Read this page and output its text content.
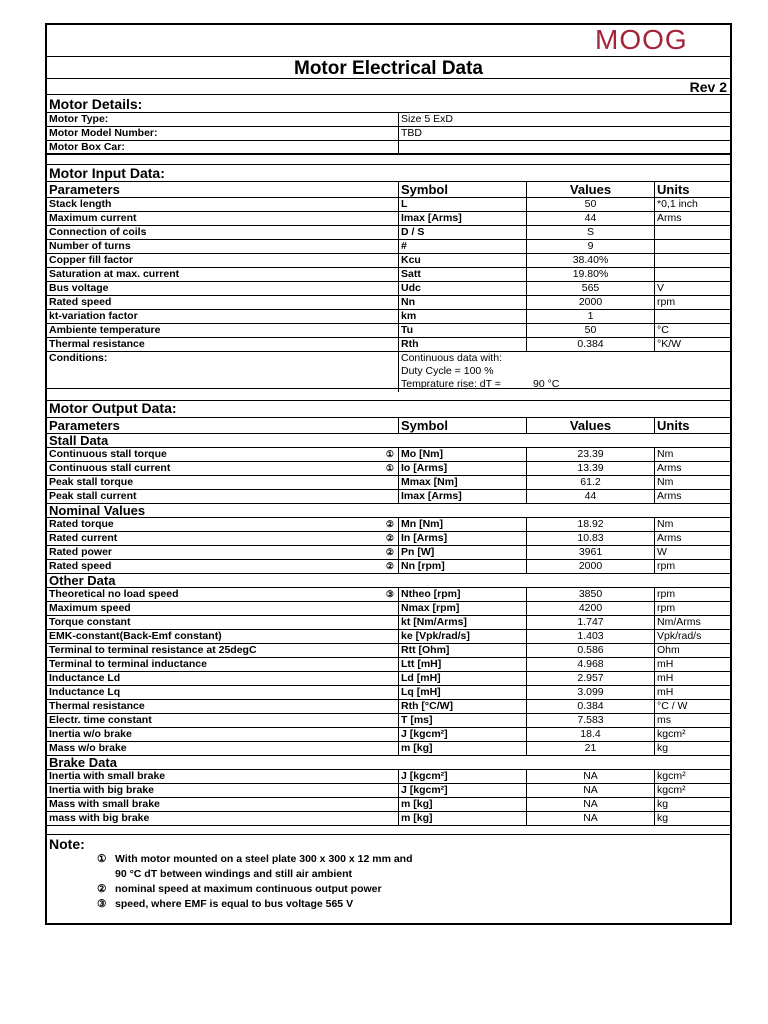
MOOG
Motor Electrical Data
Rev 2
Motor Details:
Motor Input Data:
Motor Output Data:
Motor Type:	Size 5 ExD
Motor Model Number:	TBD
Motor Box Car:
Parameters	Symbol	Values	Units
Stack length	L	50	*0,1 inch
Maximum current	Imax [Arms]	44	Arms
Connection of coils	D / S	S
Number of turns	#	9
Copper fill factor	Kcu	38.40%
Saturation at max. current	Satt	19.80%
Bus voltage	Udc	565	V
Rated speed	Nn	2000	rpm
kt-variation factor	km	1
Ambiente temperature	Tu	50	°C
Thermal resistance	Rth	0.384	°K/W
Conditions:	Continuous data with:
Duty Cycle = 100 %
Temprature rise: dT =	90 °C
Parameters	Symbol	Values	Units
Stall Data
Continuous stall torque	① Mo [Nm]	23.39	Nm
Continuous stall current	① Io [Arms]	13.39	Arms
Peak stall torque	Mmax [Nm]	61.2	Nm
Peak stall current	Imax [Arms]	44	Arms
Nominal Values
Rated torque	② Mn [Nm]	18.92	Nm
Rated current	② In [Arms]	10.83	Arms
Rated power	② Pn [W]	3961	W
Rated speed	② Nn [rpm]	2000	rpm
Other Data
Theoretical no load speed	③ Ntheo [rpm]	3850	rpm
Maximum speed	Nmax [rpm]	4200	rpm
Torque constant	kt [Nm/Arms]	1.747	Nm/Arms
EMK-constant(Back-Emf constant)	ke [Vpk/rad/s]	1.403	Vpk/rad/s
Terminal to terminal resistance at 25degC	Rtt [Ohm]	0.586	Ohm
Terminal to terminal inductance	Ltt [mH]	4.968	mH
Inductance Ld	Ld [mH]	2.957	mH
Inductance Lq	Lq [mH]	3.099	mH
Thermal resistance	Rth [°C/W]	0.384	°C / W
Electr. time constant	T [ms]	7.583	ms
Inertia w/o brake	J [kgcm²]	18.4	kgcm²
Mass w/o brake	m [kg]	21	kg
Brake Data
Inertia with small brake	J [kgcm²]	NA	kgcm²
Inertia with big brake	J [kgcm²]	NA	kgcm²
Mass with small brake	m [kg]	NA	kg
mass with big brake	m [kg]	NA	kg
Note:
① With motor mounted on a steel plate 300 x 300 x 12 mm and
90 °C dT between windings and still air ambient
② nominal speed at maximum continuous output power
③ speed, where EMF is equal to bus voltage 565 V
